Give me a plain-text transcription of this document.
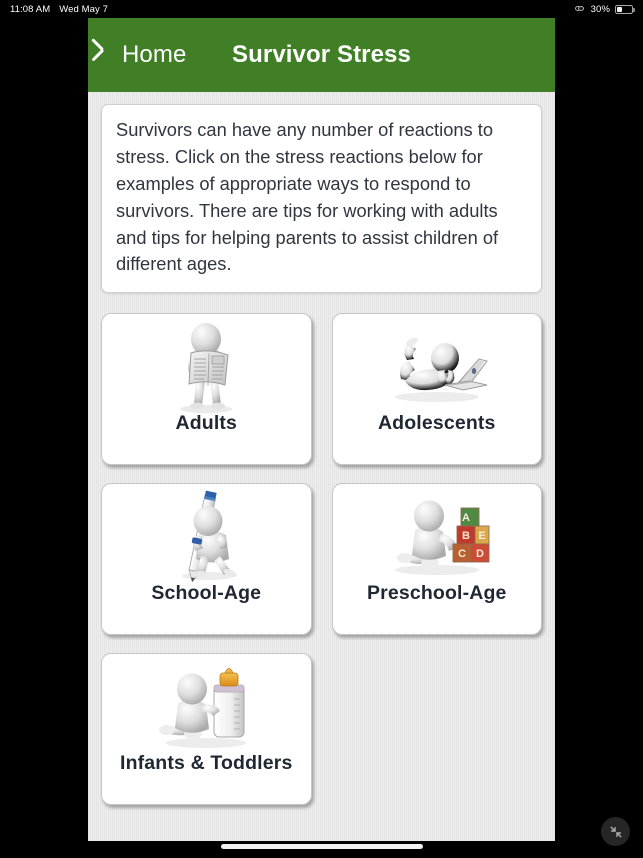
11:08 AM Wed May 7	30%
Home	Survivor Stress

Survivors can have any number of reactions to stress. Click on the stress reactions below for examples of appropriate ways to respond to survivors. There are tips for working with adults and tips for helping parents to assist children of different ages.

Adults	Adolescents
School-Age
A
B
C D
E
Preschool-Age
Infants & Toddlers
